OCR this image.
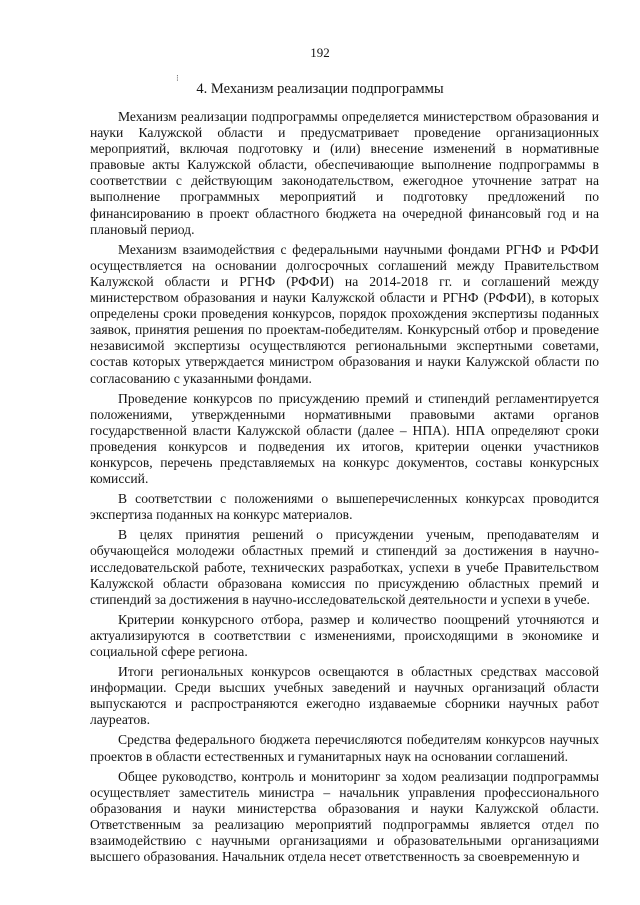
192
⁝
4. Механизм реализации подпрограммы

Механизм реализации подпрограммы определяется министерством образования и науки Калужской области и предусматривает проведение организационных мероприятий, включая подготовку и (или) внесение изменений в нормативные правовые акты Калужской области, обеспечивающие выполнение подпрограммы в соответствии с действующим законодательством, ежегодное уточнение затрат на выполнение программных мероприятий и подготовку предложений по финансированию в проект областного бюджета на очередной финансовый год и на плановый период.

Механизм взаимодействия с федеральными научными фондами РГНФ и РФФИ осуществляется на основании долгосрочных соглашений между Правительством Калужской области и РГНФ (РФФИ) на 2014-2018 гг. и соглашений между министерством образования и науки Калужской области и РГНФ (РФФИ), в которых определены сроки проведения конкурсов, порядок прохождения экспертизы поданных заявок, принятия решения по проектам-победителям. Конкурсный отбор и проведение независимой экспертизы осуществляются региональными экспертными советами, состав которых утверждается министром образования и науки Калужской области по согласованию с указанными фондами.

Проведение конкурсов по присуждению премий и стипендий регламентируется положениями, утвержденными нормативными правовыми актами органов государственной власти Калужской области (далее – НПА). НПА определяют сроки проведения конкурсов и подведения их итогов, критерии оценки участников конкурсов, перечень представляемых на конкурс документов, составы конкурсных комиссий.

В соответствии с положениями о вышеперечисленных конкурсах проводится экспертиза поданных на конкурс материалов.

В целях принятия решений о присуждении ученым, преподавателям и обучающейся молодежи областных премий и стипендий за достижения в научно-исследовательской работе, технических разработках, успехи в учебе Правительством Калужской области образована комиссия по присуждению областных премий и стипендий за достижения в научно-исследовательской деятельности и успехи в учебе.

Критерии конкурсного отбора, размер и количество поощрений уточняются и актуализируются в соответствии с изменениями, происходящими в экономике и социальной сфере региона.

Итоги региональных конкурсов освещаются в областных средствах массовой информации. Среди высших учебных заведений и научных организаций области выпускаются и распространяются ежегодно издаваемые сборники научных работ лауреатов.

Средства федерального бюджета перечисляются победителям конкурсов научных проектов в области естественных и гуманитарных наук на основании соглашений.

Общее руководство, контроль и мониторинг за ходом реализации подпрограммы осуществляет заместитель министра – начальник управления профессионального образования и науки министерства образования и науки Калужской области. Ответственным за реализацию мероприятий подпрограммы является отдел по взаимодействию с научными организациями и образовательными организациями высшего образования. Начальник отдела несет ответственность за своевременную и
